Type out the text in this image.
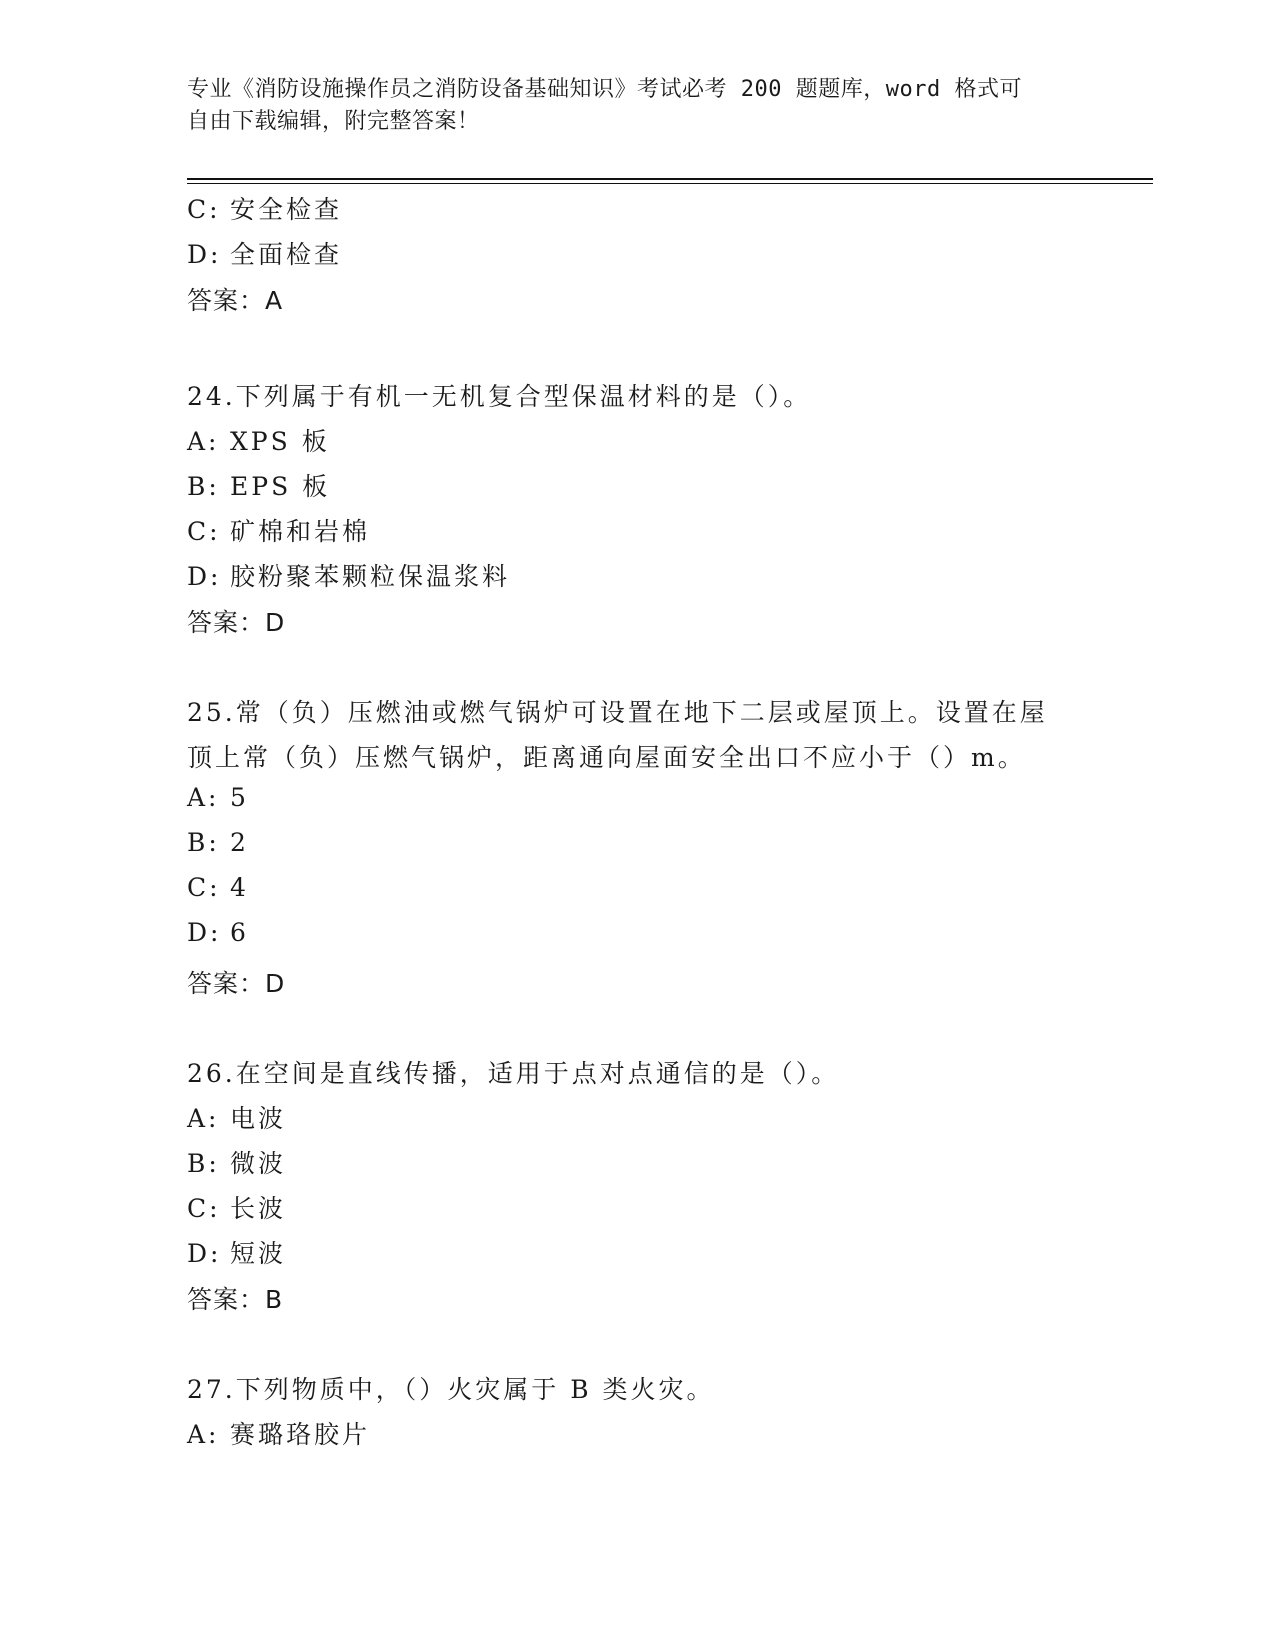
专业《消防设施操作员之消防设备基础知识》考试必考 200 题题库，word 格式可
自由下载编辑，附完整答案！
C: 安全检查
D: 全面检查
答案：A
24.下列属于有机一无机复合型保温材料的是（）。
A: XPS 板
B: EPS 板
C: 矿棉和岩棉
D: 胶粉聚苯颗粒保温浆料
答案：D
25.常（负）压燃油或燃气锅炉可设置在地下二层或屋顶上。设置在屋
顶上常（负）压燃气锅炉，距离通向屋面安全出口不应小于（）m。
A: 5
B: 2
C: 4
D: 6
答案：D
26.在空间是直线传播，适用于点对点通信的是（）。
A: 电波
B: 微波
C: 长波
D: 短波
答案：B
27.下列物质中，（）火灾属于 B 类火灾。
A: 赛璐珞胶片
